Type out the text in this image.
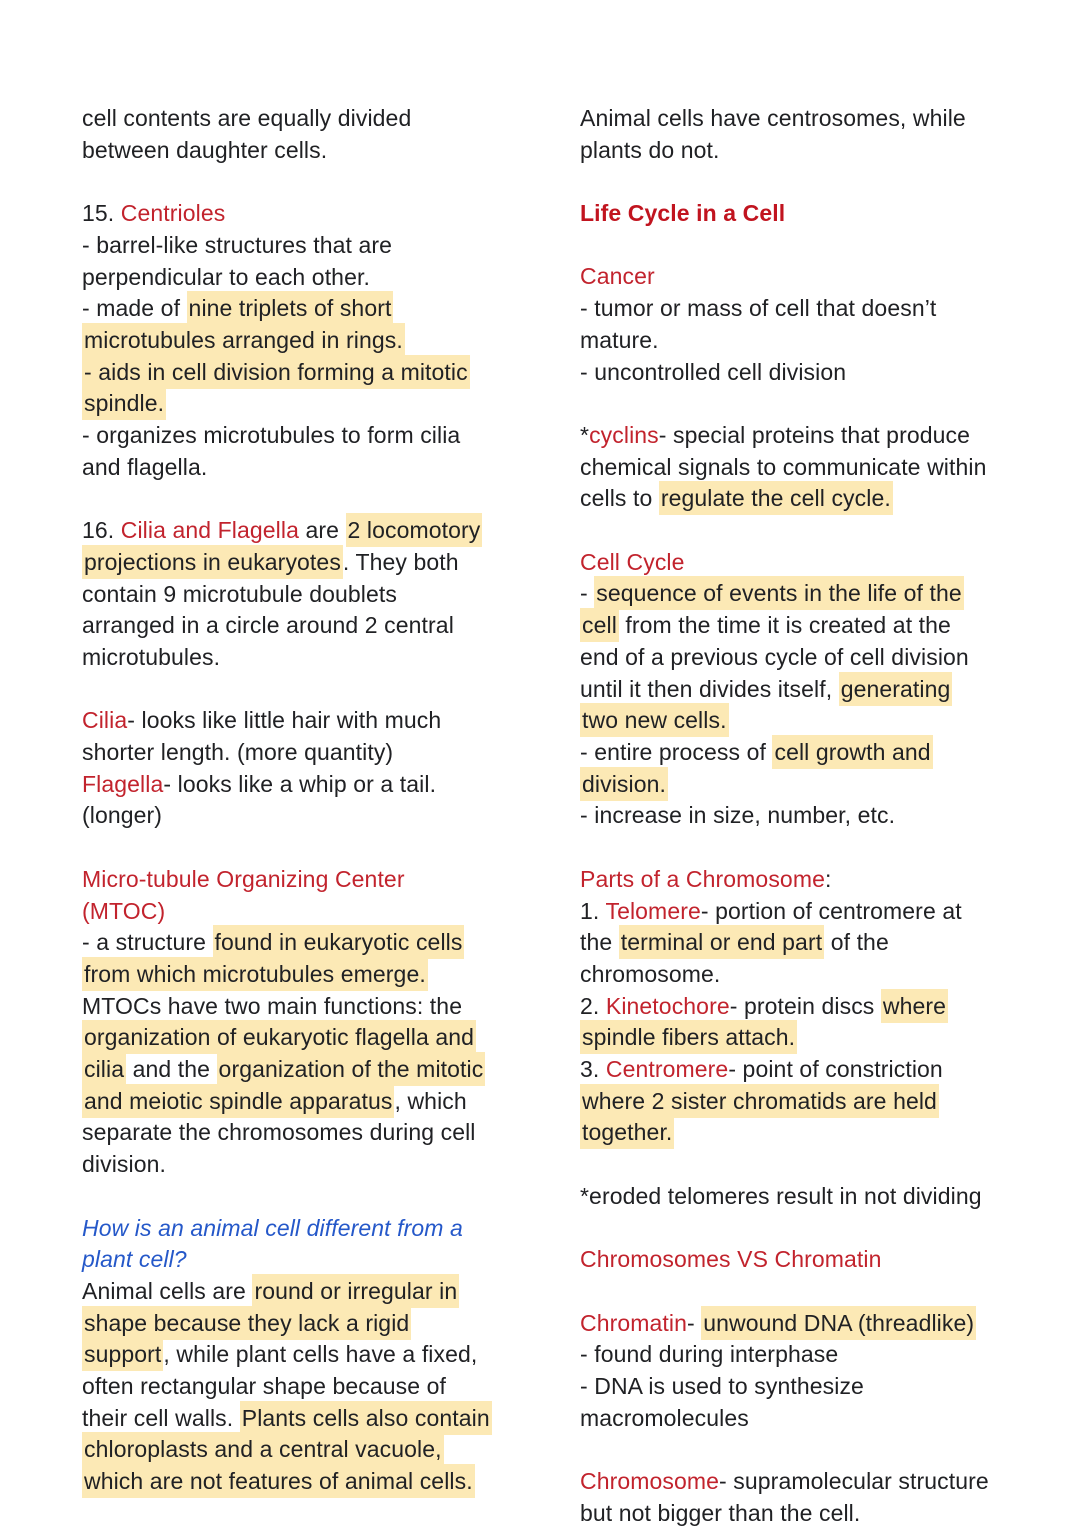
cell contents are equally divided
between daughter cells.
15. Centrioles
- barrel-like structures that are
perpendicular to each other.
- made of nine triplets of short
microtubules arranged in rings.
- aids in cell division forming a mitotic
spindle.
- organizes microtubules to form cilia
and flagella.
16. Cilia and Flagella are 2 locomotory
projections in eukaryotes. They both
contain 9 microtubule doublets
arranged in a circle around 2 central
microtubules.
Cilia- looks like little hair with much
shorter length. (more quantity)
Flagella- looks like a whip or a tail.
(longer)
Micro-tubule Organizing Center
(MTOC)
- a structure found in eukaryotic cells
from which microtubules emerge.
MTOCs have two main functions: the
organization of eukaryotic flagella and
cilia and the organization of the mitotic
and meiotic spindle apparatus, which
separate the chromosomes during cell
division.
How is an animal cell different from a
plant cell?
Animal cells are round or irregular in
shape because they lack a rigid
support, while plant cells have a fixed,
often rectangular shape because of
their cell walls. Plants cells also contain
chloroplasts and a central vacuole,
which are not features of animal cells.
Animal cells have centrosomes, while
plants do not.
Life Cycle in a Cell
Cancer
- tumor or mass of cell that doesn’t
mature.
- uncontrolled cell division
*cyclins- special proteins that produce
chemical signals to communicate within
cells to regulate the cell cycle.
Cell Cycle
- sequence of events in the life of the
cell from the time it is created at the
end of a previous cycle of cell division
until it then divides itself, generating
two new cells.
- entire process of cell growth and
division.
- increase in size, number, etc.
Parts of a Chromosome:
1. Telomere- portion of centromere at
the terminal or end part of the
chromosome.
2. Kinetochore- protein discs where
spindle fibers attach.
3. Centromere- point of constriction
where 2 sister chromatids are held
together.
*eroded telomeres result in not dividing
Chromosomes VS Chromatin
Chromatin- unwound DNA (threadlike)
- found during interphase
- DNA is used to synthesize
macromolecules
Chromosome- supramolecular structure
but not bigger than the cell.
